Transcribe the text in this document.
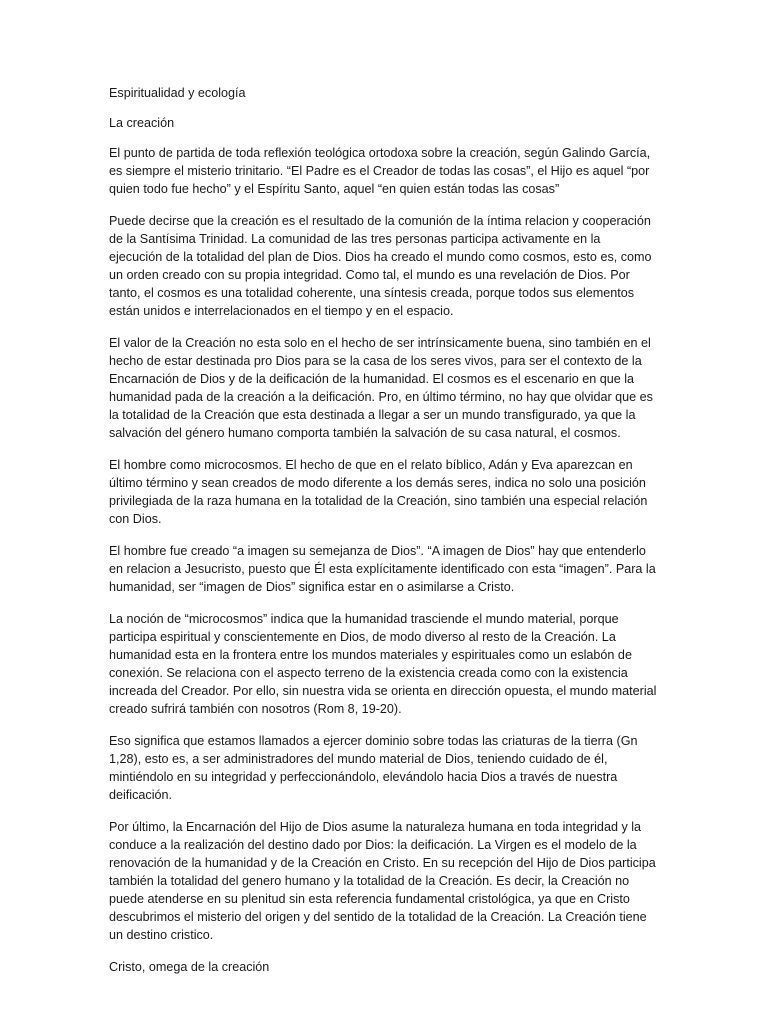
Espiritualidad y ecología

La creación

El punto de partida de toda reflexión teológica ortodoxa sobre la creación, según Galindo García, es siempre el misterio trinitario. “El Padre es el Creador de todas las cosas”, el Hijo es aquel “por quien todo fue hecho” y el Espíritu Santo, aquel “en quien están todas las cosas”

Puede decirse que la creación es el resultado de la comunión de la íntima relacion y cooperación de la Santísima Trinidad. La comunidad de las tres personas participa activamente en la ejecución de la totalidad del plan de Dios. Dios ha creado el mundo como cosmos, esto es, como un orden creado con su propia integridad. Como tal, el mundo es una revelación de Dios. Por tanto, el cosmos es una totalidad coherente, una síntesis creada, porque todos sus elementos están unidos e interrelacionados en el tiempo y en el espacio.

El valor de la Creación no esta solo en el hecho de ser intrínsicamente buena, sino también en el hecho de estar destinada pro Dios para se la casa de los seres vivos, para ser el contexto de la Encarnación de Dios y de la deificación de la humanidad. El cosmos es el escenario en que la humanidad pada de la creación a la deificación. Pro, en último término, no hay que olvidar que es la totalidad de la Creación que esta destinada a llegar a ser un mundo transfigurado, ya que la salvación del género humano comporta también la salvación de su casa natural, el cosmos.

El hombre como microcosmos. El hecho de que en el relato bíblico, Adán y Eva aparezcan en último término y sean creados de modo diferente a los demás seres, indica no solo una posición privilegiada de la raza humana en la totalidad de la Creación, sino también una especial relación con Dios.

El hombre fue creado “a imagen su semejanza de Dios”. “A imagen de Dios” hay que entenderlo en relacion a Jesucristo, puesto que Él esta explícitamente identificado con esta “imagen”. Para la humanidad, ser “imagen de Dios” significa estar en o asimilarse a Cristo.

La noción de “microcosmos” indica que la humanidad trasciende el mundo material, porque participa espiritual y conscientemente en Dios, de modo diverso al resto de la Creación. La humanidad esta en la frontera entre los mundos materiales y espirituales como un eslabón de conexión. Se relaciona con el aspecto terreno de la existencia creada como con la existencia increada del Creador. Por ello, sin nuestra vida se orienta en dirección opuesta, el mundo material creado sufrirá también con nosotros (Rom 8, 19-20).

Eso significa que estamos llamados a ejercer dominio sobre todas las criaturas de la tierra (Gn 1,28), esto es, a ser administradores del mundo material de Dios, teniendo cuidado de él, mintiéndolo en su integridad y perfeccionándolo, elevándolo hacia Dios a través de nuestra deificación.

Por último, la Encarnación del Hijo de Dios asume la naturaleza humana en toda integridad y la conduce a la realización del destino dado por Dios: la deificación. La Virgen es el modelo de la renovación de la humanidad y de la Creación en Cristo. En su recepción del Hijo de Dios participa también la totalidad del genero humano y la totalidad de la Creación. Es decir, la Creación no puede atenderse en su plenitud sin esta referencia fundamental cristológica, ya que en Cristo descubrimos el misterio del origen y del sentido de la totalidad de la Creación. La Creación tiene un destino cristico.

Cristo, omega de la creación
